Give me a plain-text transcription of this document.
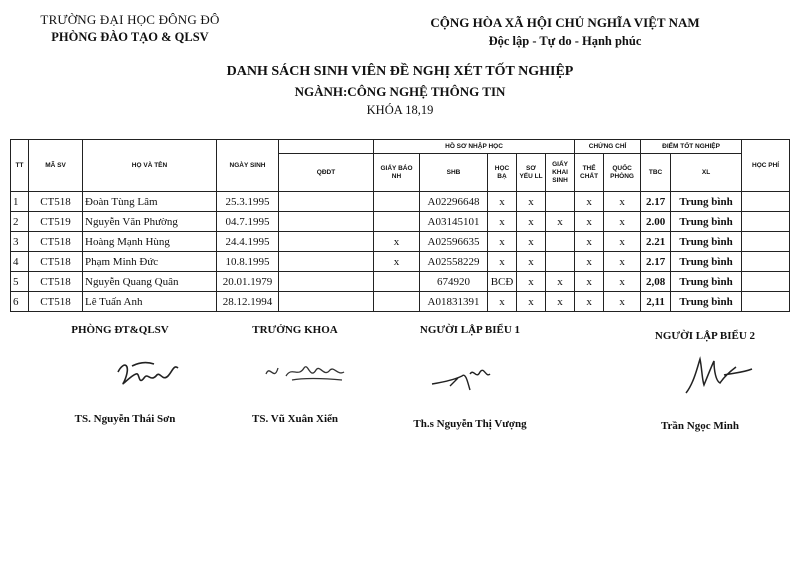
TRƯỜNG ĐẠI HỌC ĐÔNG ĐÔ
PHÒNG ĐÀO TẠO & QLSV
CỘNG HÒA XÃ HỘI CHỦ NGHĨA VIỆT NAM
Độc lập - Tự do - Hạnh phúc
DANH SÁCH SINH VIÊN ĐỀ NGHỊ XÉT TỐT NGHIỆP
NGÀNH:CÔNG NGHỆ THÔNG TIN
KHÓA 18,19
TT	MÃ SV	HỌ VÀ TÊN	NGÀY SINH		HỒ SƠ NHẬP HỌC					CHỨNG CHỈ		ĐIỂM TỐT NGHIỆP		HỌC PHÍ
				QĐDT	GIẤY BÁO NH	SHB	HỌC BẠ	SƠ YẾU LL	GIẤY KHAI SINH	THỂ CHẤT	QUỐC PHÒNG	TBC	XL	
1	CT518	Đoàn Tùng Lâm	25.3.1995			A02296648	x	x		x	x	2.17	Trung bình	
2	CT519	Nguyễn Văn Phường	04.7.1995			A03145101	x	x	x	x	x	2.00	Trung bình	
3	CT518	Hoàng Mạnh Hùng	24.4.1995		x	A02596635	x	x		x	x	2.21	Trung bình	
4	CT518	Phạm Minh Đức	10.8.1995		x	A02558229	x	x		x	x	2.17	Trung bình	
5	CT518	Nguyễn Quang Quân	20.01.1979			674920	BCĐ	x	x	x	x	2,08	Trung bình	
6	CT518	Lê Tuấn Anh	28.12.1994			A01831391	x	x	x	x	x	2,11	Trung bình	
PHÒNG ĐT&QLSV	TRƯỞNG KHOA	NGƯỜI LẬP BIỂU 1	NGƯỜI LẬP BIỂU 2
TS. Nguyễn Thái Sơn	TS. Vũ Xuân Xiển	Th.s Nguyễn Thị Vượng	Trần Ngọc Minh
